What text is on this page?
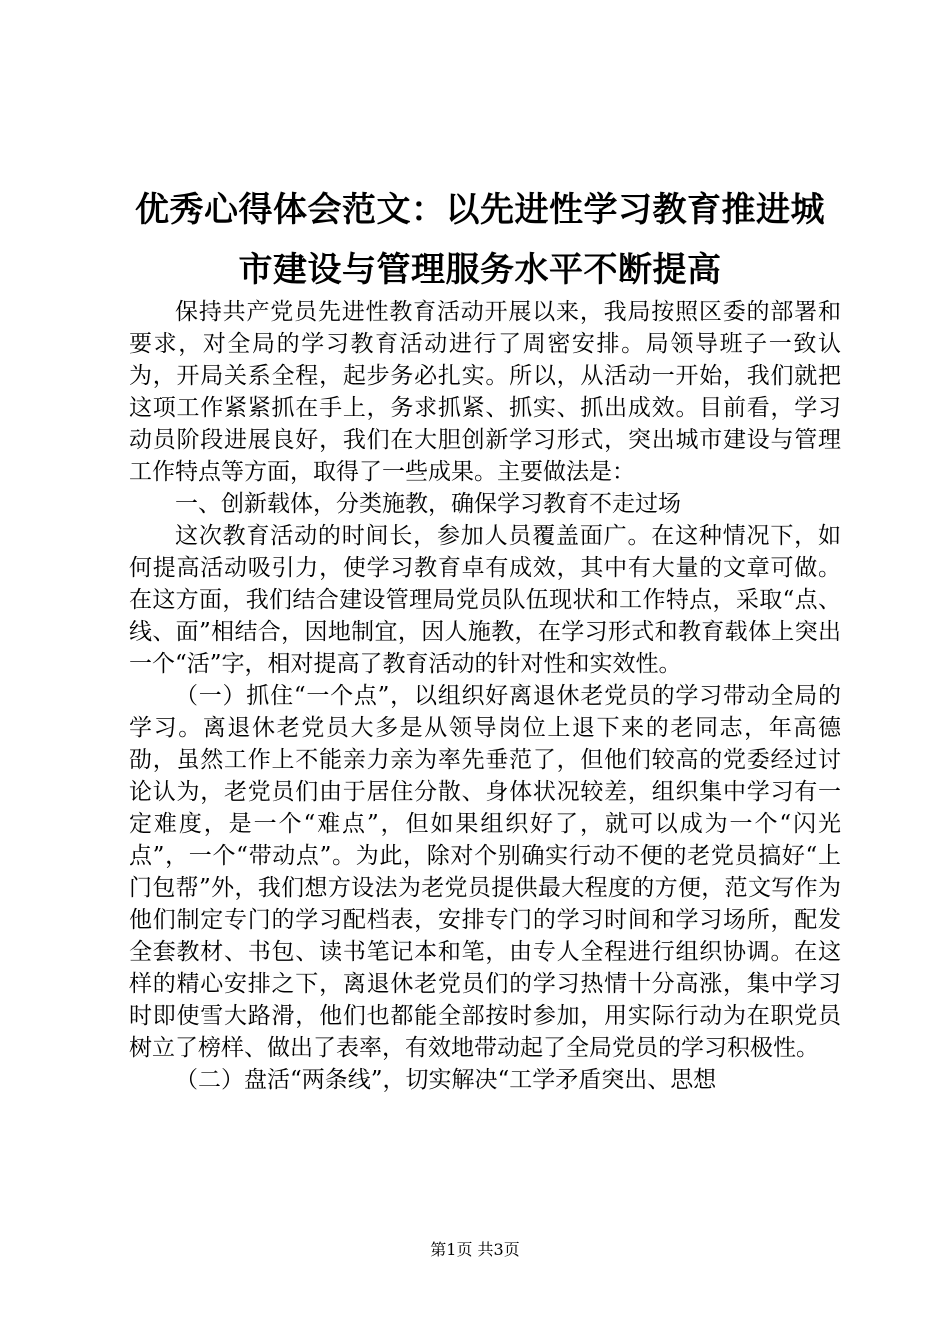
优秀心得体会范文：以先进性学习教育推进城
市建设与管理服务水平不断提高

保持共产党员先进性教育活动开展以来，我局按照区委的部署和要求，对全局的学习教育活动进行了周密安排。局领导班子一致认为，开局关系全程，起步务必扎实。所以，从活动一开始，我们就把这项工作紧紧抓在手上，务求抓紧、抓实、抓出成效。目前看，学习动员阶段进展良好，我们在大胆创新学习形式，突出城市建设与管理工作特点等方面，取得了一些成果。主要做法是：

一、创新载体，分类施教，确保学习教育不走过场

这次教育活动的时间长，参加人员覆盖面广。在这种情况下，如何提高活动吸引力，使学习教育卓有成效，其中有大量的文章可做。在这方面，我们结合建设管理局党员队伍现状和工作特点，采取“点、线、面”相结合，因地制宜，因人施教，在学习形式和教育载体上突出一个“活”字，相对提高了教育活动的针对性和实效性。

（一）抓住“一个点”，以组织好离退休老党员的学习带动全局的学习。离退休老党员大多是从领导岗位上退下来的老同志，年高德劭，虽然工作上不能亲力亲为率先垂范了，但他们较高的党委经过讨论认为，老党员们由于居住分散、身体状况较差，组织集中学习有一定难度，是一个“难点”，但如果组织好了，就可以成为一个“闪光点”，一个“带动点”。为此，除对个别确实行动不便的老党员搞好“上门包帮”外，我们想方设法为老党员提供最大程度的方便，范文写作为他们制定专门的学习配档表，安排专门的学习时间和学习场所，配发全套教材、书包、读书笔记本和笔，由专人全程进行组织协调。在这样的精心安排之下，离退休老党员们的学习热情十分高涨，集中学习时即使雪大路滑，他们也都能全部按时参加，用实际行动为在职党员树立了榜样、做出了表率，有效地带动起了全局党员的学习积极性。

（二）盘活“两条线”，切实解决“工学矛盾突出、思想

第1页 共3页
